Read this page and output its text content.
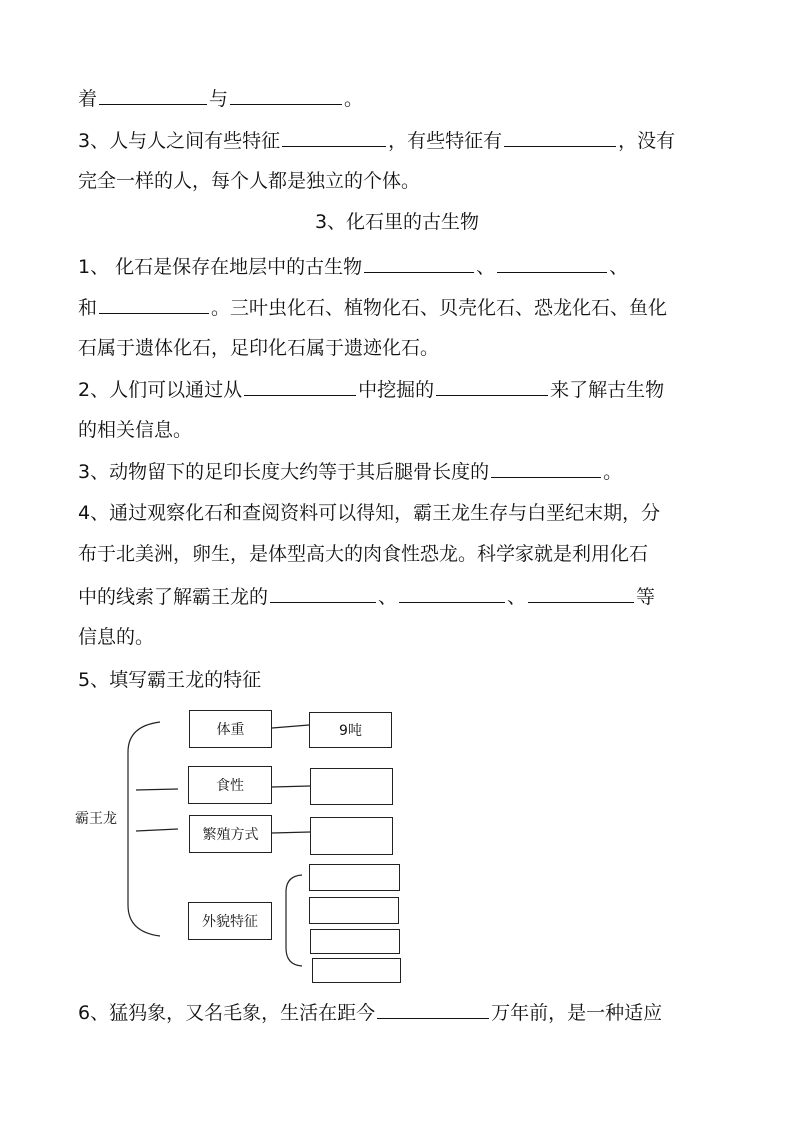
着	与	。
3、人与人之间有些特征	，有些特征有	，没有
完全一样的人，每个人都是独立的个体。
3、化石里的古生物
1、 化石是保存在地层中的古生物	、	、
和	。三叶虫化石、植物化石、贝壳化石、恐龙化石、鱼化
石属于遗体化石，足印化石属于遗迹化石。
2、人们可以通过从	中挖掘的	来了解古生物
的相关信息。
3、动物留下的足印长度大约等于其后腿骨长度的	。
4、通过观察化石和查阅资料可以得知，霸王龙生存与白垩纪末期，分
布于北美洲，卵生，是体型高大的肉食性恐龙。科学家就是利用化石
中的线索了解霸王龙的	、	、	等
信息的。
5、填写霸王龙的特征
霸王龙
体重	9吨
食性
繁殖方式
外貌特征
6、猛犸象，又名毛象，生活在距今	万年前，是一种适应
